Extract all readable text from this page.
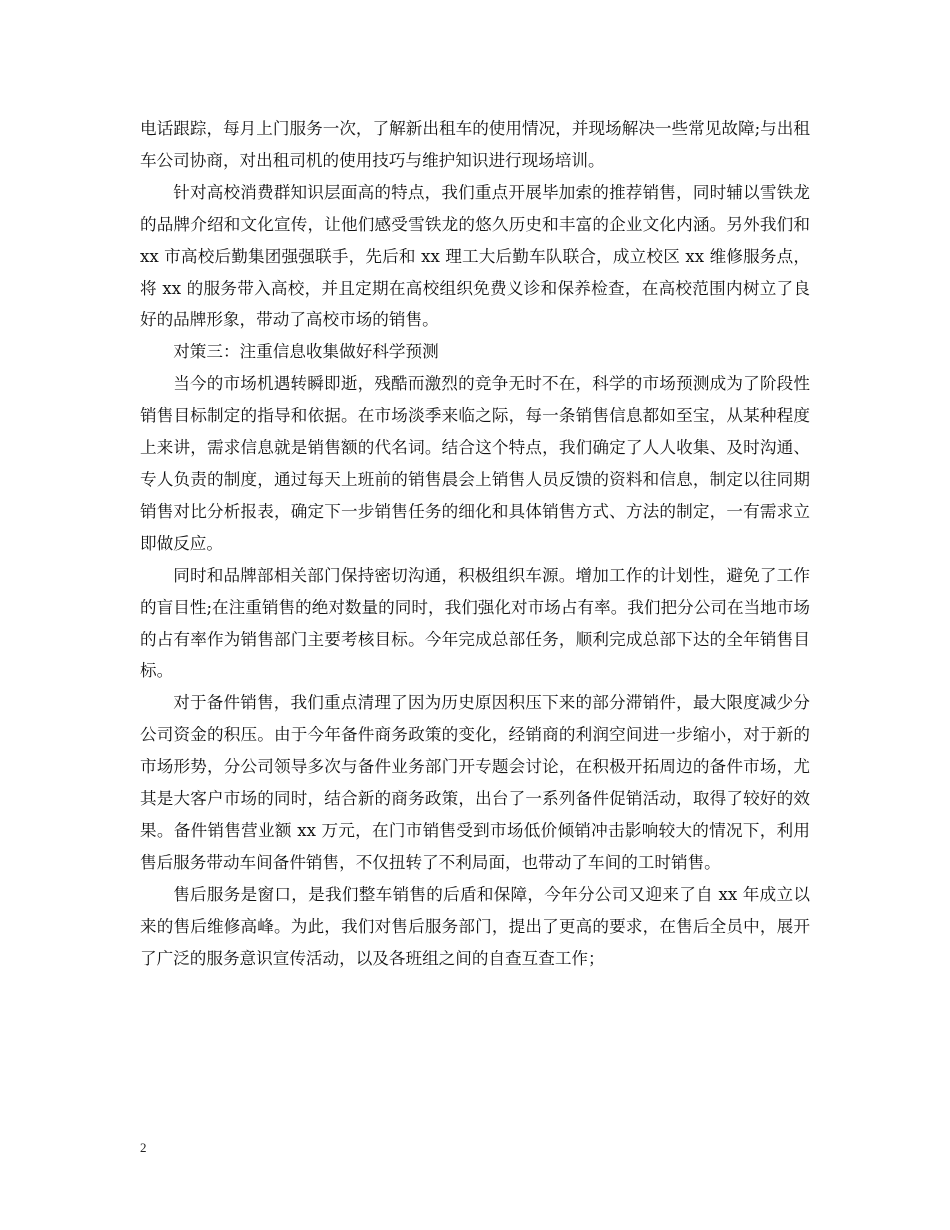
电话跟踪，每月上门服务一次，了解新出租车的使用情况，并现场解决一些常见故障;与出租车公司协商，对出租司机的使用技巧与维护知识进行现场培训。

针对高校消费群知识层面高的特点，我们重点开展毕加索的推荐销售，同时辅以雪铁龙的品牌介绍和文化宣传，让他们感受雪铁龙的悠久历史和丰富的企业文化内涵。另外我们和 xx 市高校后勤集团强强联手，先后和 xx 理工大后勤车队联合，成立校区 xx 维修服务点，将 xx 的服务带入高校，并且定期在高校组织免费义诊和保养检查，在高校范围内树立了良好的品牌形象，带动了高校市场的销售。

对策三：注重信息收集做好科学预测

当今的市场机遇转瞬即逝，残酷而激烈的竞争无时不在，科学的市场预测成为了阶段性销售目标制定的指导和依据。在市场淡季来临之际，每一条销售信息都如至宝，从某种程度上来讲，需求信息就是销售额的代名词。结合这个特点，我们确定了人人收集、及时沟通、专人负责的制度，通过每天上班前的销售晨会上销售人员反馈的资料和信息，制定以往同期销售对比分析报表，确定下一步销售任务的细化和具体销售方式、方法的制定，一有需求立即做反应。

同时和品牌部相关部门保持密切沟通，积极组织车源。增加工作的计划性，避免了工作的盲目性;在注重销售的绝对数量的同时，我们强化对市场占有率。我们把分公司在当地市场的占有率作为销售部门主要考核目标。今年完成总部任务，顺利完成总部下达的全年销售目标。

对于备件销售，我们重点清理了因为历史原因积压下来的部分滞销件，最大限度减少分公司资金的积压。由于今年备件商务政策的变化，经销商的利润空间进一步缩小，对于新的市场形势，分公司领导多次与备件业务部门开专题会讨论，在积极开拓周边的备件市场，尤其是大客户市场的同时，结合新的商务政策，出台了一系列备件促销活动，取得了较好的效果。备件销售营业额 xx 万元，在门市销售受到市场低价倾销冲击影响较大的情况下，利用售后服务带动车间备件销售，不仅扭转了不利局面，也带动了车间的工时销售。

售后服务是窗口，是我们整车销售的后盾和保障，今年分公司又迎来了自 xx 年成立以来的售后维修高峰。为此，我们对售后服务部门，提出了更高的要求，在售后全员中，展开了广泛的服务意识宣传活动，以及各班组之间的自查互查工作；

2
